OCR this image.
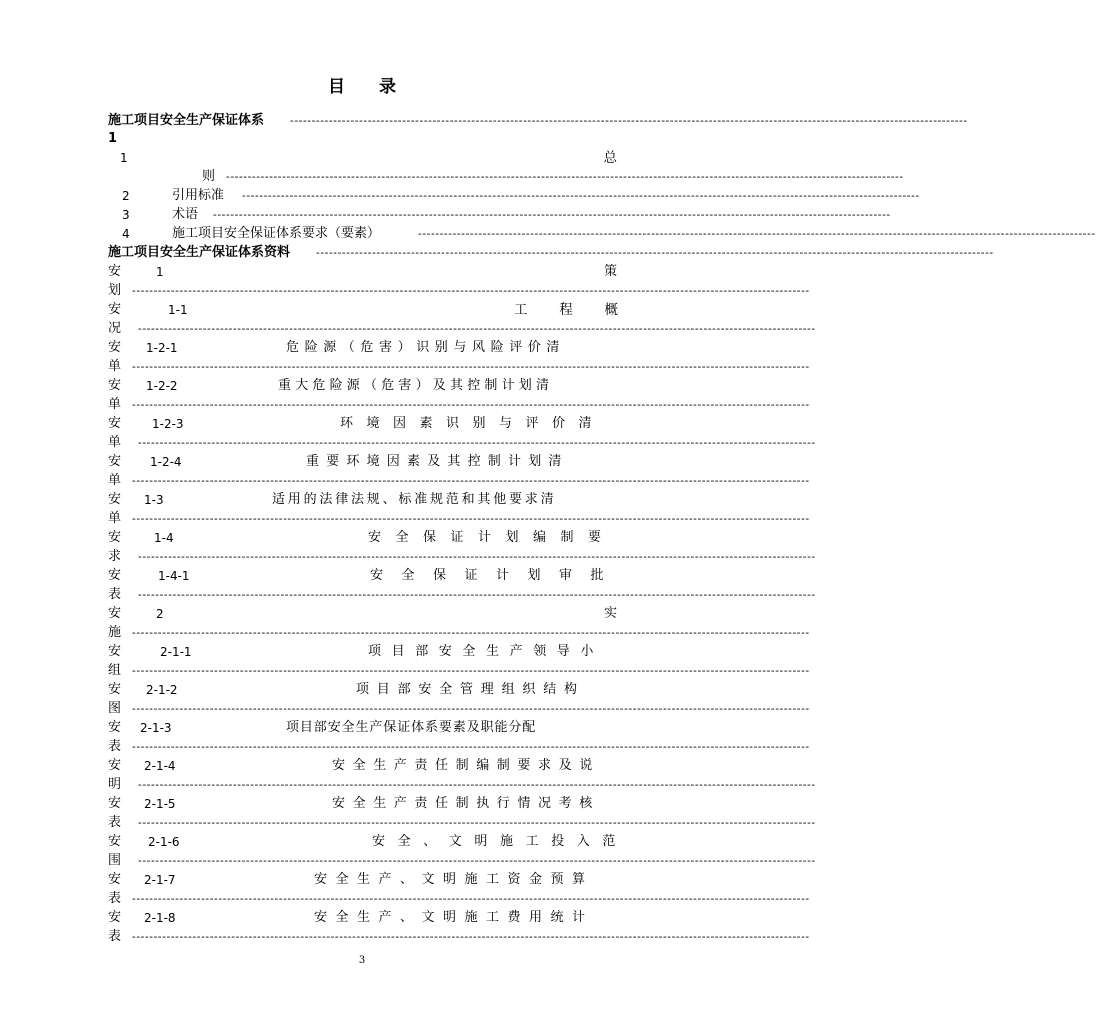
目 录
施工项目安全生产保证体系 -------------------------------------------------------------------------------------------------------------------------------------------------------------
1
1	总
则 -------------------------------------------------------------------------------------------------------------------------------------------------------------
2	引用标准 -------------------------------------------------------------------------------------------------------------------------------------------------------------
3	术语 -------------------------------------------------------------------------------------------------------------------------------------------------------------
4	施工项目安全保证体系要求（要素）	-------------------------------------------------------------------------------------------------------------------------------------------------------------
施工项目安全生产保证体系资料 -------------------------------------------------------------------------------------------------------------------------------------------------------------
安	1	策
划 -------------------------------------------------------------------------------------------------------------------------------------------------------------
安	1-1	工 程 概
况 -------------------------------------------------------------------------------------------------------------------------------------------------------------
安 1-2-1	危险源（危害）识别与风险评价清
单 -------------------------------------------------------------------------------------------------------------------------------------------------------------
安 1-2-2	重大危险源（危害）及其控制计划清
单 -------------------------------------------------------------------------------------------------------------------------------------------------------------
安	1-2-3	环境因素识别与评价清
单 -------------------------------------------------------------------------------------------------------------------------------------------------------------
安 1-2-4	重要环境因素及其控制计划清
单 -------------------------------------------------------------------------------------------------------------------------------------------------------------
安 1-3	适用的法律法规、标准规范和其他要求清
单 -------------------------------------------------------------------------------------------------------------------------------------------------------------
安	1-4	安全保证计划编制要
求 -------------------------------------------------------------------------------------------------------------------------------------------------------------
安	1-4-1	安全保证计划审批
表 -------------------------------------------------------------------------------------------------------------------------------------------------------------
安	2	实
施 -------------------------------------------------------------------------------------------------------------------------------------------------------------
安	2-1-1	项目部安全生产领导小
组 -------------------------------------------------------------------------------------------------------------------------------------------------------------
安 2-1-2	项目部安全管理组织结构
图 -------------------------------------------------------------------------------------------------------------------------------------------------------------
安 2-1-3	项目部安全生产保证体系要素及职能分配
表 -------------------------------------------------------------------------------------------------------------------------------------------------------------
安 2-1-4	安全生产责任制编制要求及说
明 -------------------------------------------------------------------------------------------------------------------------------------------------------------
安 2-1-5	安全生产责任制执行情况考核
表 -------------------------------------------------------------------------------------------------------------------------------------------------------------
安 2-1-6	安全、文明施工投入范
围 -------------------------------------------------------------------------------------------------------------------------------------------------------------
安 2-1-7	安全生产、文明施工资金预算
表 -------------------------------------------------------------------------------------------------------------------------------------------------------------
安 2-1-8	安全生产、文明施工费用统计
表 -------------------------------------------------------------------------------------------------------------------------------------------------------------
3
